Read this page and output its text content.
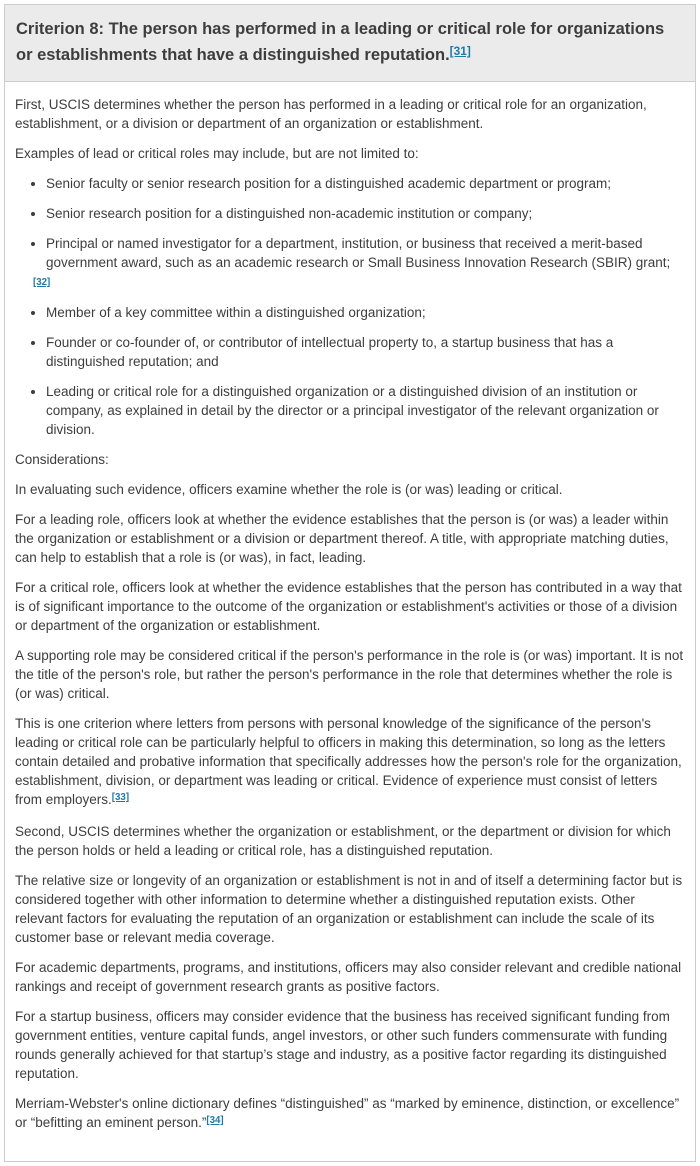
Criterion 8: The person has performed in a leading or critical role for organizations or establishments that have a distinguished reputation.[31]

First, USCIS determines whether the person has performed in a leading or critical role for an organization, establishment, or a division or department of an organization or establishment.

Examples of lead or critical roles may include, but are not limited to:

• Senior faculty or senior research position for a distinguished academic department or program;
• Senior research position for a distinguished non-academic institution or company;
• Principal or named investigator for a department, institution, or business that received a merit-based government award, such as an academic research or Small Business Innovation Research (SBIR) grant;
[32]
• Member of a key committee within a distinguished organization;
• Founder or co-founder of, or contributor of intellectual property to, a startup business that has a distinguished reputation; and
• Leading or critical role for a distinguished organization or a distinguished division of an institution or company, as explained in detail by the director or a principal investigator of the relevant organization or division.

Considerations:

In evaluating such evidence, officers examine whether the role is (or was) leading or critical.

For a leading role, officers look at whether the evidence establishes that the person is (or was) a leader within the organization or establishment or a division or department thereof. A title, with appropriate matching duties, can help to establish that a role is (or was), in fact, leading.

For a critical role, officers look at whether the evidence establishes that the person has contributed in a way that is of significant importance to the outcome of the organization or establishment's activities or those of a division or department of the organization or establishment.

A supporting role may be considered critical if the person's performance in the role is (or was) important. It is not the title of the person's role, but rather the person's performance in the role that determines whether the role is (or was) critical.

This is one criterion where letters from persons with personal knowledge of the significance of the person's leading or critical role can be particularly helpful to officers in making this determination, so long as the letters contain detailed and probative information that specifically addresses how the person's role for the organization, establishment, division, or department was leading or critical. Evidence of experience must consist of letters from employers.[33]

Second, USCIS determines whether the organization or establishment, or the department or division for which the person holds or held a leading or critical role, has a distinguished reputation.

The relative size or longevity of an organization or establishment is not in and of itself a determining factor but is considered together with other information to determine whether a distinguished reputation exists. Other relevant factors for evaluating the reputation of an organization or establishment can include the scale of its customer base or relevant media coverage.

For academic departments, programs, and institutions, officers may also consider relevant and credible national rankings and receipt of government research grants as positive factors.

For a startup business, officers may consider evidence that the business has received significant funding from government entities, venture capital funds, angel investors, or other such funders commensurate with funding rounds generally achieved for that startup’s stage and industry, as a positive factor regarding its distinguished reputation.

Merriam-Webster's online dictionary defines “distinguished” as “marked by eminence, distinction, or excellence” or “befitting an eminent person.”[34]
